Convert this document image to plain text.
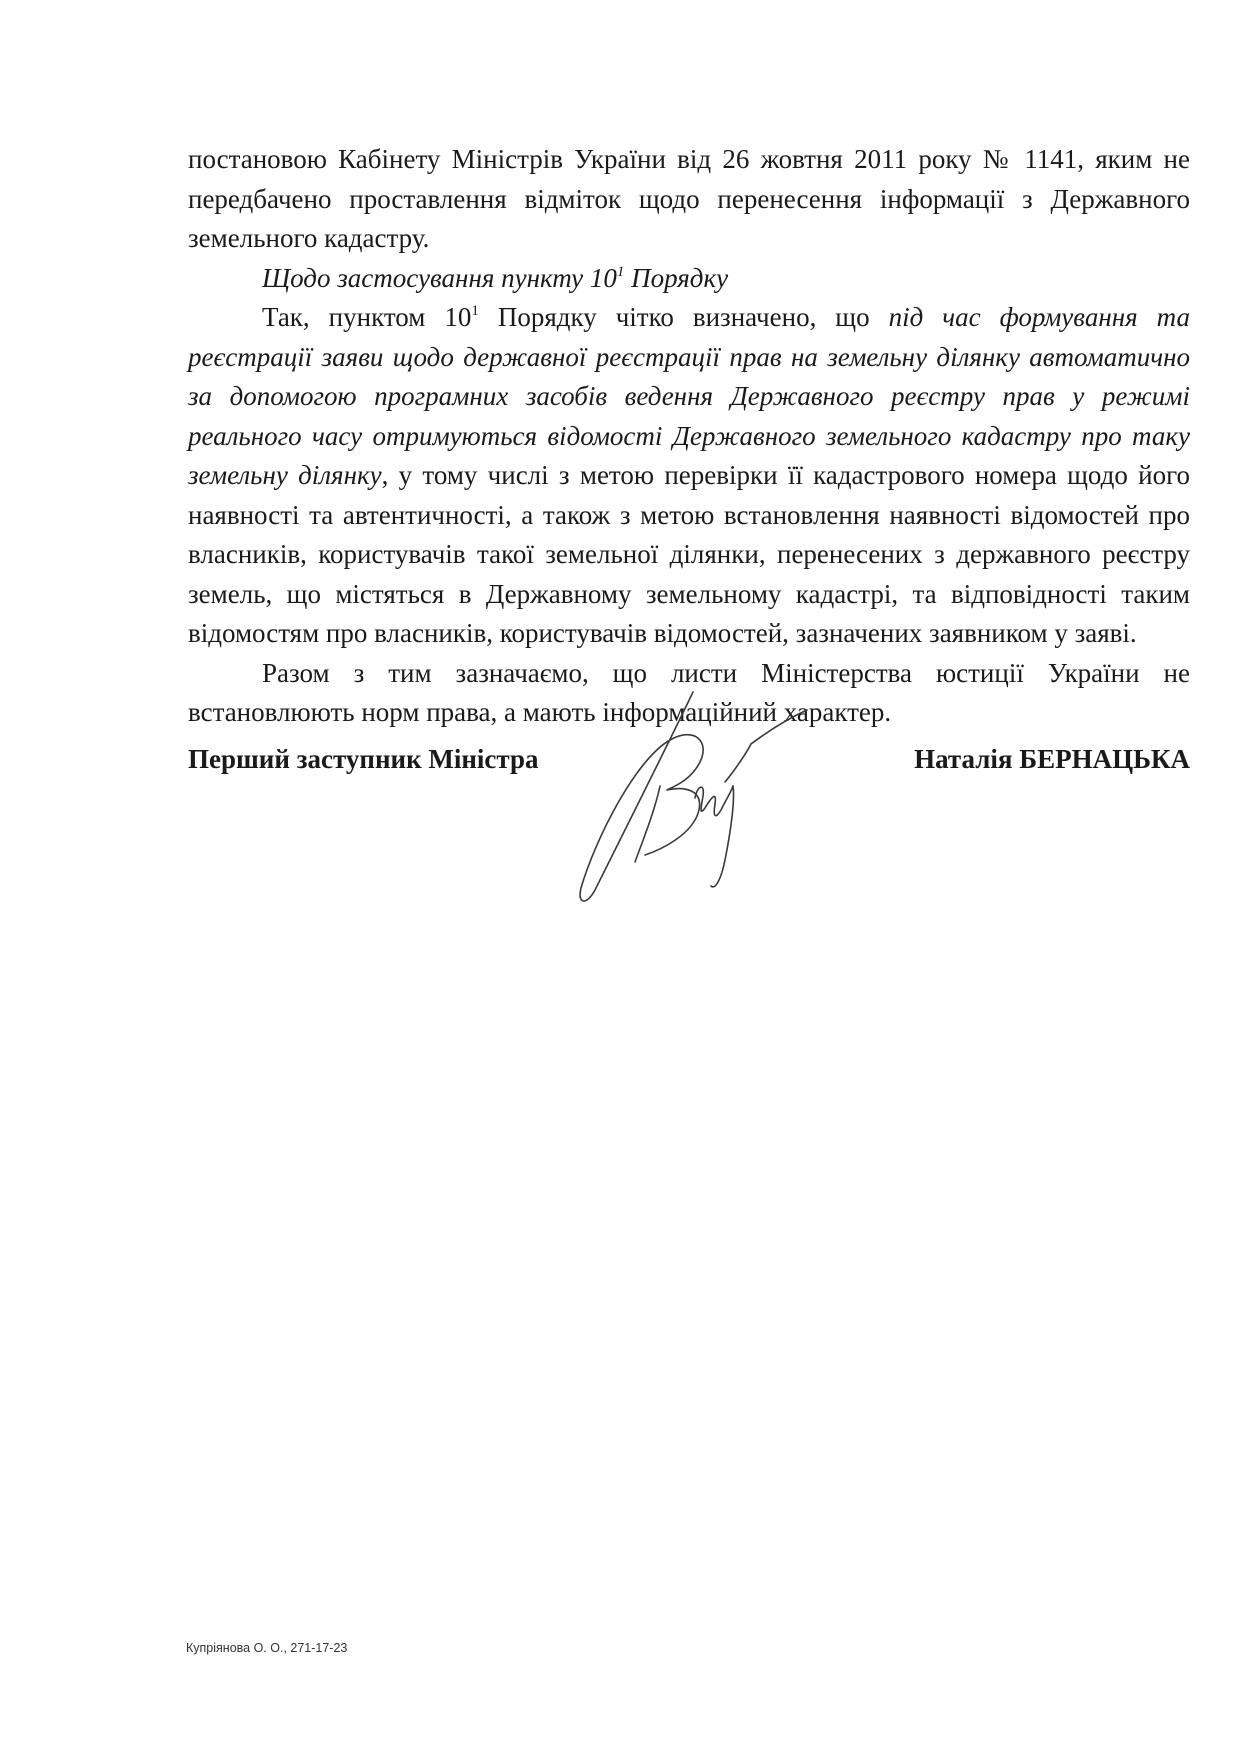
постановою Кабінету Міністрів України від 26 жовтня 2011 року № 1141, яким не передбачено проставлення відміток щодо перенесення інформації з Державного земельного кадастру.

Щодо застосування пункту $10^1$ Порядку

Так, пунктом $10^1$ Порядку чітко визначено, що під час формування та реєстрації заяви щодо державної реєстрації прав на земельну ділянку автоматично за допомогою програмних засобів ведення Державного реєстру прав у режимі реального часу отримуються відомості Державного земельного кадастру про таку земельну ділянку, у тому числі з метою перевірки її кадастрового номера щодо його наявності та автентичності, а також з метою встановлення наявності відомостей про власників, користувачів такої земельної ділянки, перенесених з державного реєстру земель, що містяться в Державному земельному кадастрі, та відповідності таким відомостям про власників, користувачів відомостей, зазначених заявником у заяві.

Разом з тим зазначаємо, що листи Міністерства юстиції України не встановлюють норм права, а мають інформаційний характер.

Перший заступник Міністра	Наталія БЕРНАЦЬКА
Купріянова О. О., 271-17-23
